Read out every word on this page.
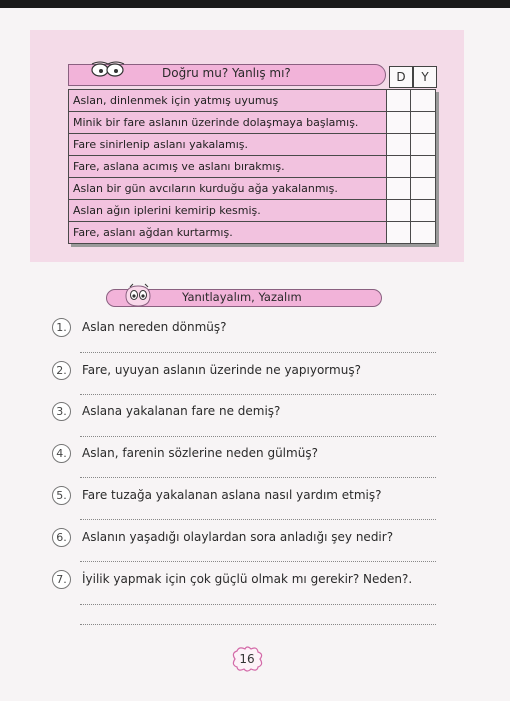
Doğru mu? Yanlış mı?	D	Y
Aslan, dinlenmek için yatmış uyumuş		
Minik bir fare aslanın üzerinde dolaşmaya başlamış.		
Fare sinirlenip aslanı yakalamış.		
Fare, aslana acımış ve aslanı bırakmış.		
Aslan bir gün avcıların kurduğu ağa yakalanmış.		
Aslan ağın iplerini kemirip kesmiş.		
Fare, aslanı ağdan kurtarmış.		
Yanıtlayalım, Yazalım
1.	Aslan nereden dönmüş?
2.	Fare, uyuyan aslanın üzerinde ne yapıyormuş?
3.	Aslana yakalanan fare ne demiş?
4.	Aslan, farenin sözlerine neden gülmüş?
5.	Fare tuzağa yakalanan aslana nasıl yardım etmiş?
6.	Aslanın yaşadığı olaylardan sora anladığı şey nedir?
7.	İyilik yapmak için çok güçlü olmak mı gerekir? Neden?.
16
